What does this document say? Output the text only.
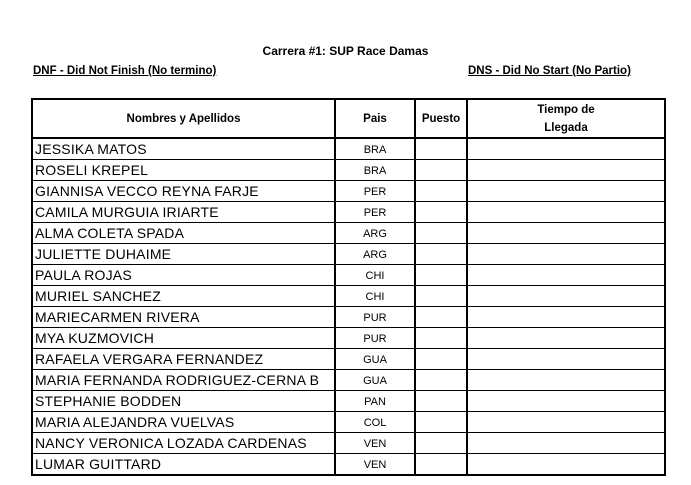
Carrera #1: SUP Race Damas
DNF - Did Not Finish (No termino)	DNS - Did No Start (No Partio)
Nombres y Apellidos	Pais	Puesto	Tiempo de
Llegada

JESSIKA MATOS	BRA		
ROSELI KREPEL	BRA		
GIANNISA VECCO REYNA FARJE	PER		
CAMILA MURGUIA IRIARTE	PER		
ALMA COLETA SPADA	ARG		
JULIETTE DUHAIME	ARG		
PAULA ROJAS	CHI		
MURIEL SANCHEZ	CHI		
MARIECARMEN RIVERA	PUR		
MYA KUZMOVICH	PUR		
RAFAELA VERGARA FERNANDEZ	GUA		
MARIA FERNANDA RODRIGUEZ-CERNA B	GUA		
STEPHANIE BODDEN	PAN		
MARIA ALEJANDRA VUELVAS	COL		
NANCY VERONICA LOZADA CARDENAS	VEN		
LUMAR GUITTARD	VEN		
